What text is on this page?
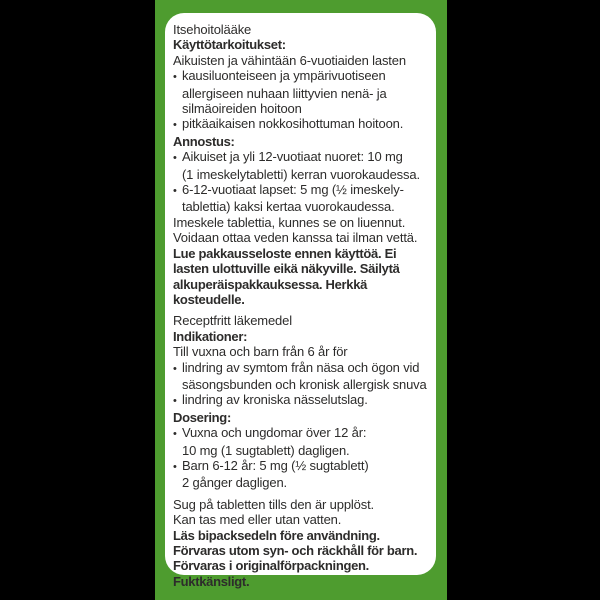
Itsehoitolääke
Käyttötarkoitukset:
Aikuisten ja vähintään 6-vuotiaiden lasten
• kausiluonteiseen ja ympärivuotiseen
allergiseen nuhaan liittyvien nenä- ja
silmäoireiden hoitoon
• pitkäaikaisen nokkosihottuman hoitoon.
Annostus:
• Aikuiset ja yli 12-vuotiaat nuoret: 10 mg
(1 imeskelytabletti) kerran vuorokaudessa.
• 6-12-vuotiaat lapset: 5 mg (½ imeskely-
tablettia) kaksi kertaa vuorokaudessa.
Imeskele tablettia, kunnes se on liuennut.
Voidaan ottaa veden kanssa tai ilman vettä.
Lue pakkausseloste ennen käyttöä. Ei
lasten ulottuville eikä näkyville. Säilytä
alkuperäispakkauksessa. Herkkä
kosteudelle.
Receptfritt läkemedel
Indikationer:
Till vuxna och barn från 6 år för
• lindring av symtom från näsa och ögon vid
säsongsbunden och kronisk allergisk snuva
• lindring av kroniska nässelutslag.
Dosering:
• Vuxna och ungdomar över 12 år:
10 mg (1 sugtablett) dagligen.
• Barn 6-12 år: 5 mg (½ sugtablett)
2 gånger dagligen.
Sug på tabletten tills den är upplöst.
Kan tas med eller utan vatten.
Läs bipacksedeln före användning.
Förvaras utom syn- och räckhåll för barn.
Förvaras i originalförpackningen.
Fuktkänsligt.
